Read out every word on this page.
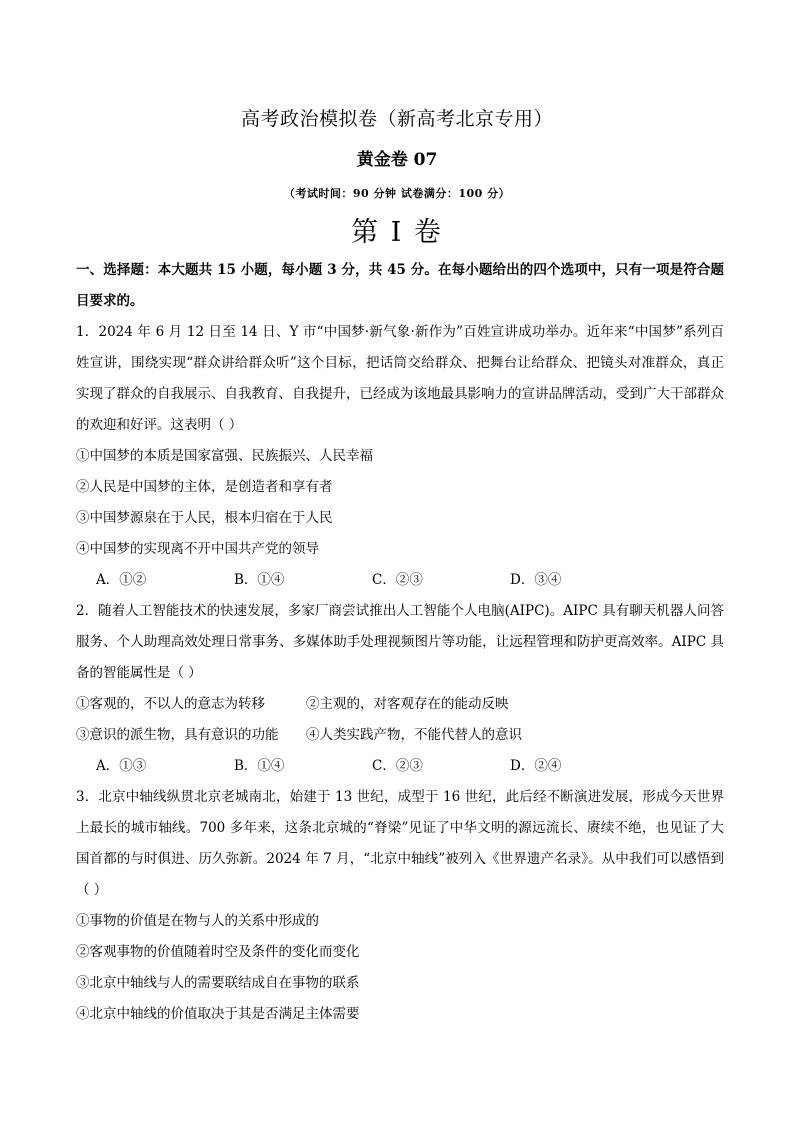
高考政治模拟卷（新高考北京专用）
黄金卷 07
（考试时间：90 分钟 试卷满分：100 分）
第 I 卷

一、选择题：本大题共 15 小题，每小题 3 分，共 45 分。在每小题给出的四个选项中，只有一项是符合题目要求的。

1．2024 年 6 月 12 日至 14 日、Y 市“中国梦·新气象·新作为”百姓宣讲成功举办。近年来“中国梦”系列百姓宣讲，围绕实现“群众讲给群众听”这个目标，把话筒交给群众、把舞台让给群众、把镜头对准群众，真正实现了群众的自我展示、自我教育、自我提升，已经成为该地最具影响力的宣讲品牌活动，受到广大干部群众的欢迎和好评。这表明（ ）

①中国梦的本质是国家富强、民族振兴、人民幸福

②人民是中国梦的主体，是创造者和享有者

③中国梦源泉在于人民，根本归宿在于人民

④中国梦的实现离不开中国共产党的领导

A．①②	B．①④	C．②③	D．③④

2．随着人工智能技术的快速发展，多家厂商尝试推出人工智能个人电脑(AIPC)。AIPC 具有聊天机器人问答服务、个人助理高效处理日常事务、多媒体助手处理视频图片等功能，让远程管理和防护更高效率。AIPC 具备的智能属性是（ ）

①客观的，不以人的意志为转移	②主观的，对客观存在的能动反映
③意识的派生物，具有意识的功能	④人类实践产物，不能代替人的意识
A．①③	B．①④	C．②③	D．②④

3．北京中轴线纵贯北京老城南北，始建于 13 世纪，成型于 16 世纪，此后经不断演进发展，形成今天世界上最长的城市轴线。700 多年来，这条北京城的“脊梁”见证了中华文明的源远流长、赓续不绝，也见证了大国首都的与时俱进、历久弥新。2024 年 7 月，“北京中轴线”被列入《世界遗产名录》。从中我们可以感悟到（ ）

①事物的价值是在物与人的关系中形成的

②客观事物的价值随着时空及条件的变化而变化

③北京中轴线与人的需要联结成自在事物的联系

④北京中轴线的价值取决于其是否满足主体需要
